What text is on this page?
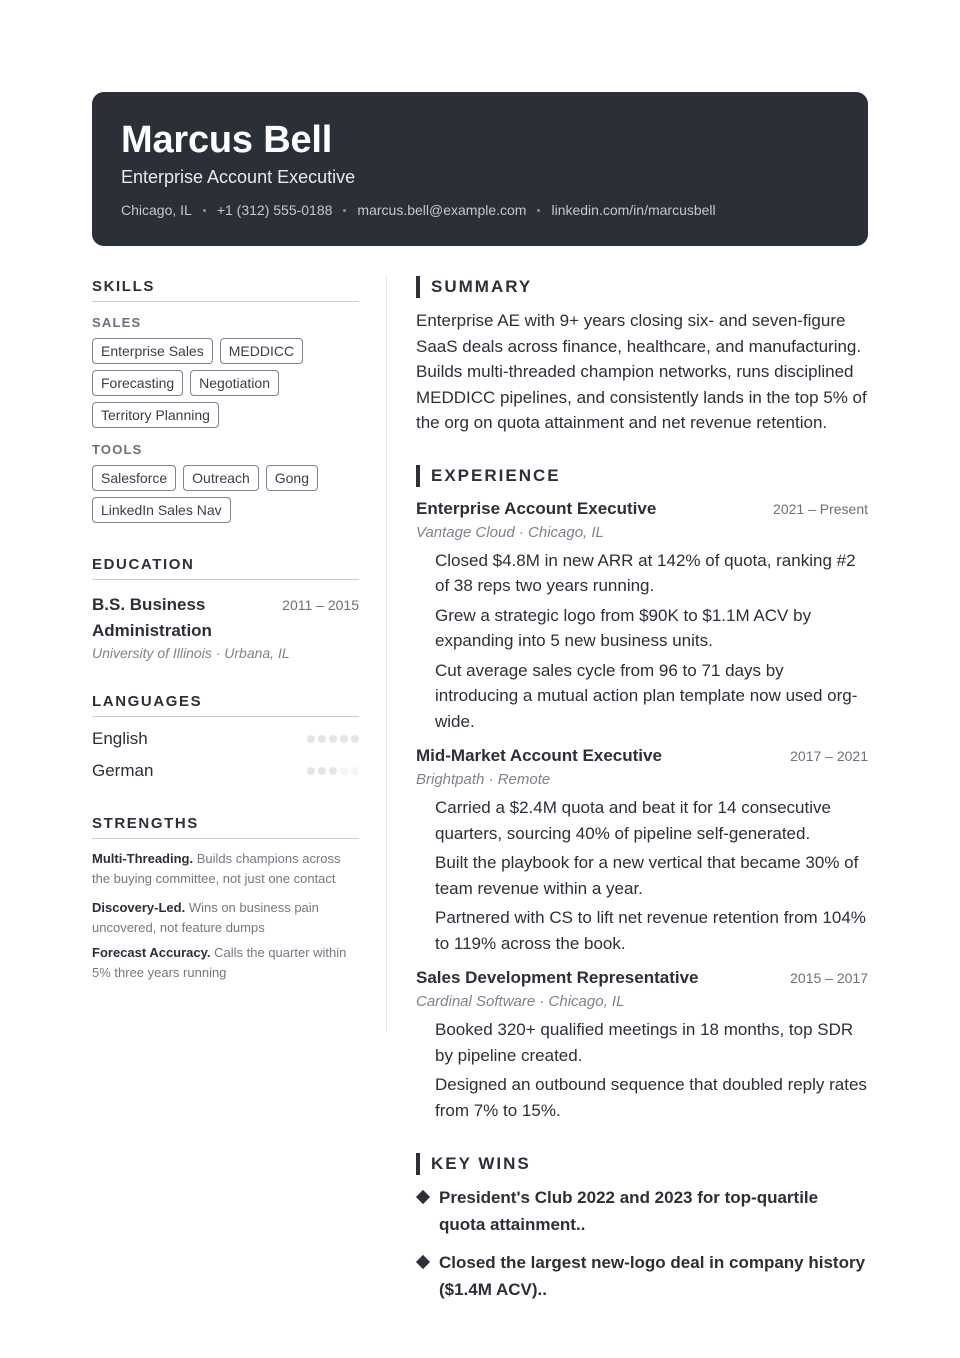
Marcus Bell
Enterprise Account Executive
Chicago, IL +1 (312) 555-0188 marcus.bell@example.com linkedin.com/in/marcusbell
SKILLS
SALES
Enterprise Sales	MEDDICC
Forecasting	Negotiation
Territory Planning
TOOLS
Salesforce	Outreach	Gong
LinkedIn Sales Nav
EDUCATION
B.S. Business Administration
2011 – 2015
University of Illinois · Urbana, IL
LANGUAGES
English
German
STRENGTHS
Multi-Threading. Builds champions across the buying committee, not just one contact
Discovery-Led. Wins on business pain uncovered, not feature dumps
Forecast Accuracy. Calls the quarter within 5% three years running
SUMMARY
Enterprise AE with 9+ years closing six- and seven-figure SaaS deals across finance, healthcare, and manufacturing. Builds multi-threaded champion networks, runs disciplined MEDDICC pipelines, and consistently lands in the top 5% of the org on quota attainment and net revenue retention.
EXPERIENCE
Enterprise Account Executive	2021 – Present
Vantage Cloud · Chicago, IL
Closed $4.8M in new ARR at 142% of quota, ranking #2 of 38 reps two years running.
Grew a strategic logo from $90K to $1.1M ACV by expanding into 5 new business units.
Cut average sales cycle from 96 to 71 days by introducing a mutual action plan template now used org-wide.
Mid-Market Account Executive	2017 – 2021
Brightpath · Remote
Carried a $2.4M quota and beat it for 14 consecutive quarters, sourcing 40% of pipeline self-generated.
Built the playbook for a new vertical that became 30% of team revenue within a year.
Partnered with CS to lift net revenue retention from 104% to 119% across the book.
Sales Development Representative	2015 – 2017
Cardinal Software · Chicago, IL
Booked 320+ qualified meetings in 18 months, top SDR by pipeline created.
Designed an outbound sequence that doubled reply rates from 7% to 15%.
KEY WINS
President's Club 2022 and 2023 for top-quartile quota attainment..
Closed the largest new-logo deal in company history ($1.4M ACV)..
